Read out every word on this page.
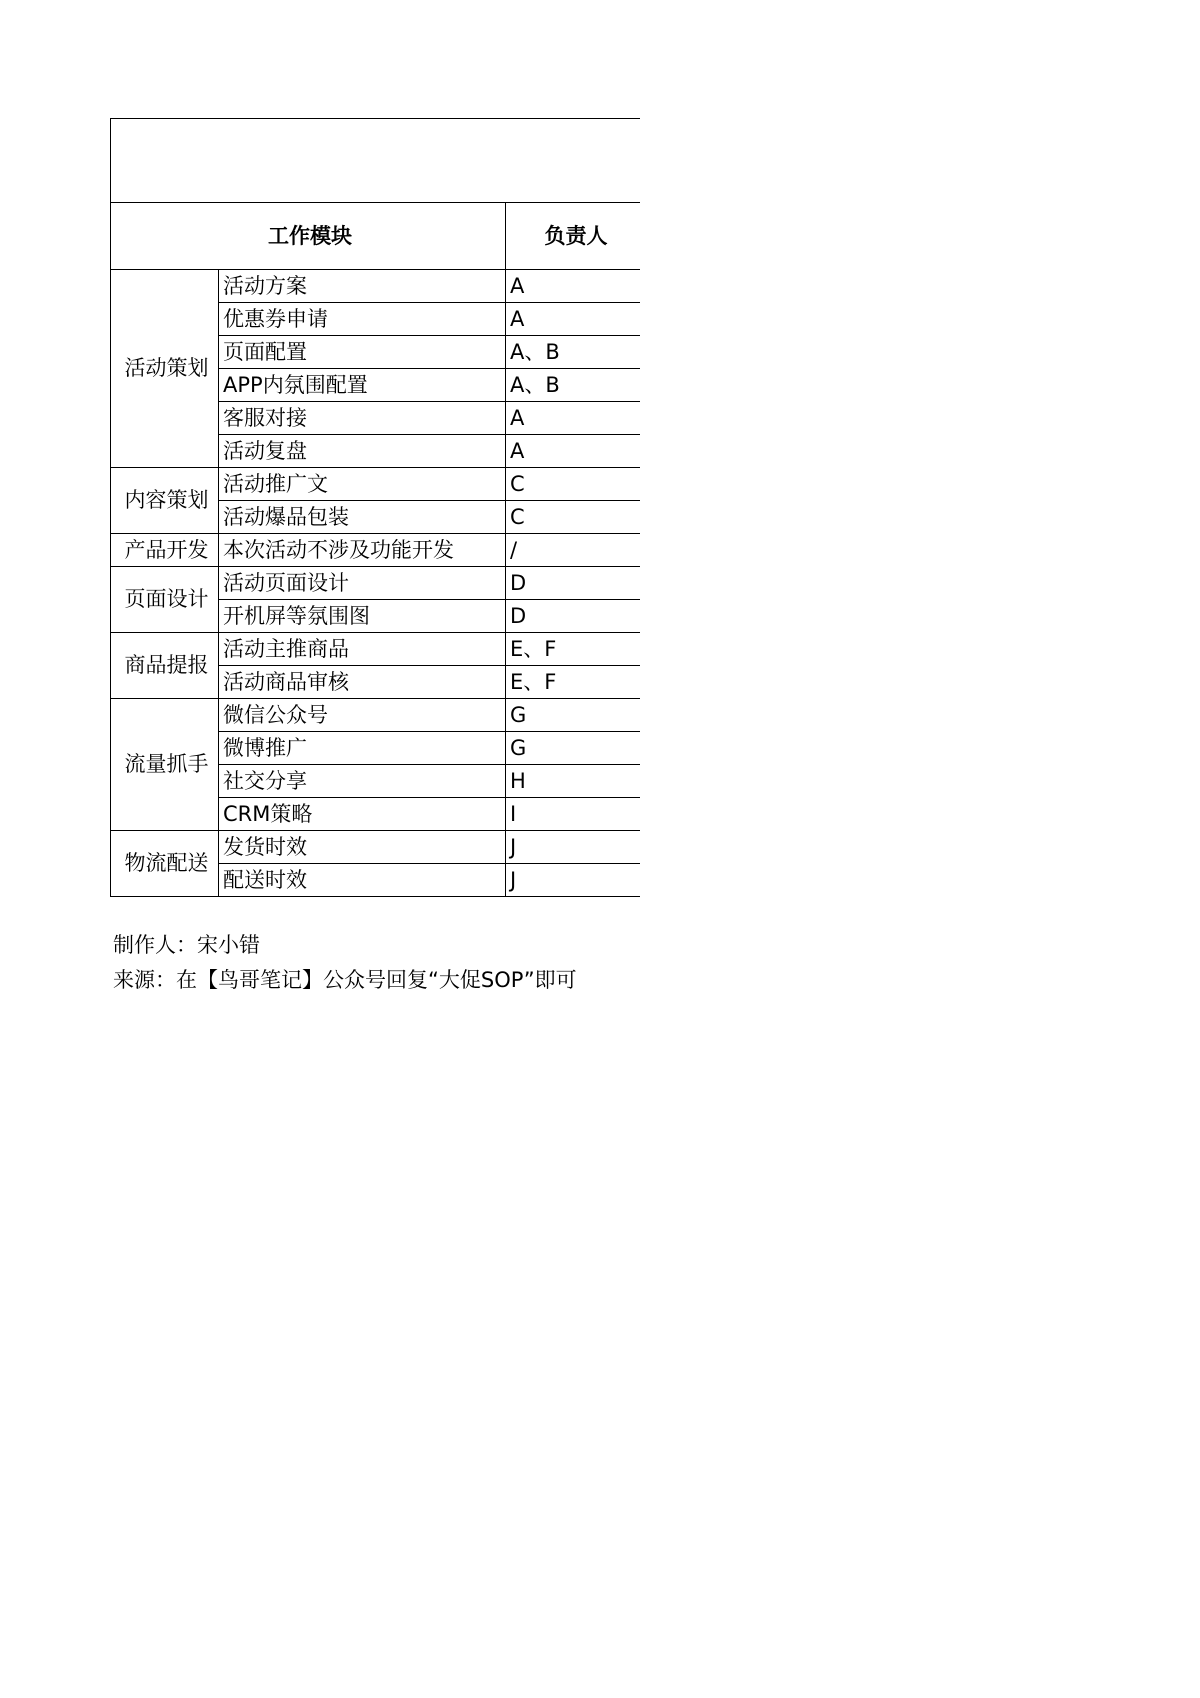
工作模块		负责人
活动策划	活动方案	A
	优惠券申请	A
	页面配置	A、B
	APP内氛围配置	A、B
	客服对接	A
	活动复盘	A
内容策划	活动推广文	C
	活动爆品包装	C
产品开发	本次活动不涉及功能开发	/
页面设计	活动页面设计	D
	开机屏等氛围图	D
商品提报	活动主推商品	E、F
	活动商品审核	E、F
流量抓手	微信公众号	G
	微博推广	G
	社交分享	H
	CRM策略	I
物流配送	发货时效	J
	配送时效	J
制作人：宋小错
来源：在【鸟哥笔记】公众号回复“大促SOP”即可
